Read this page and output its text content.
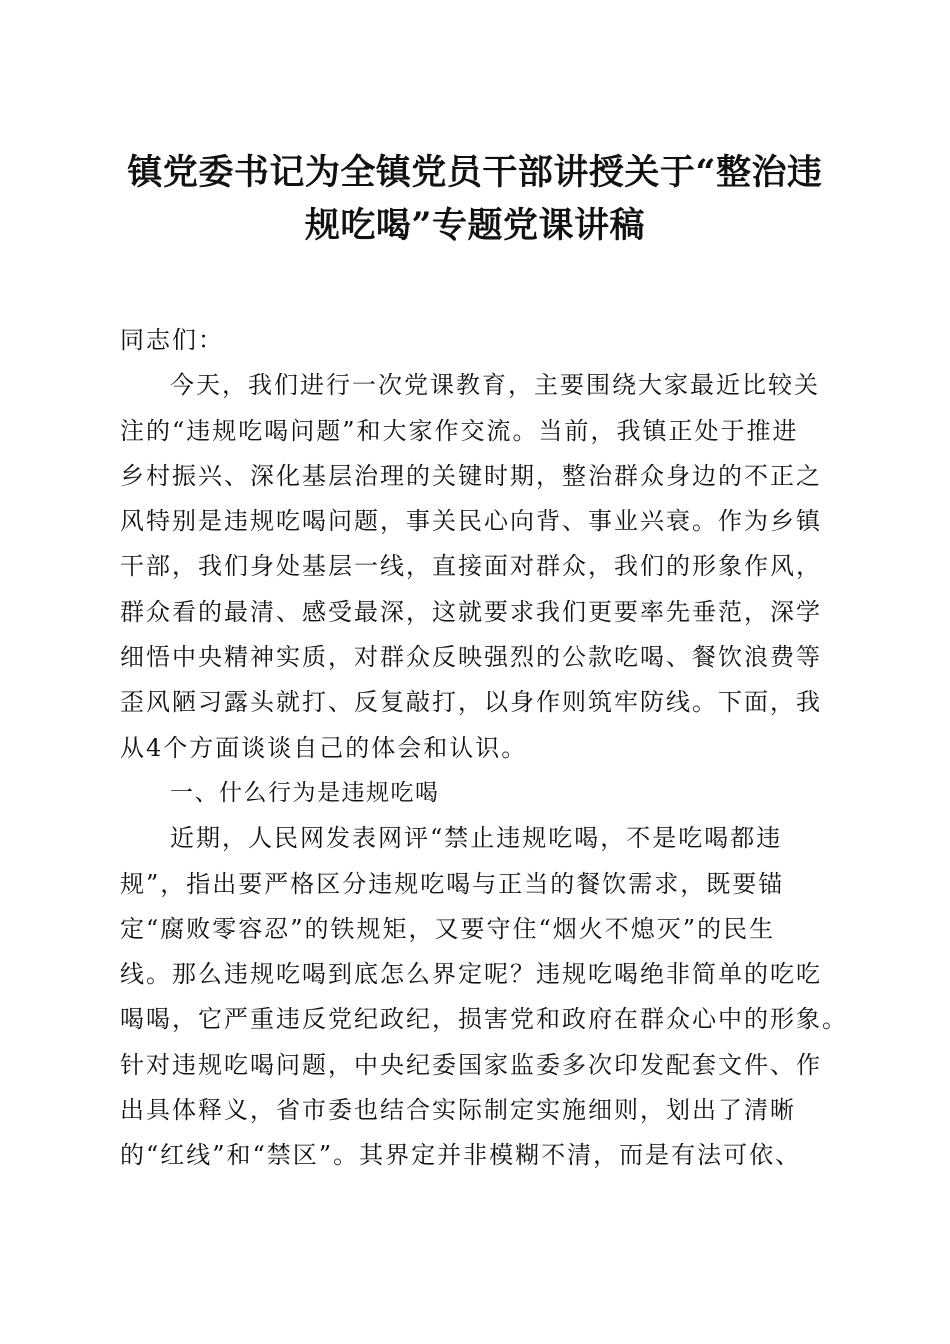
镇党委书记为全镇党员干部讲授关于“整治违
规吃喝”专题党课讲稿
同志们：
今天，我们进行一次党课教育，主要围绕大家最近比较关
注的“违规吃喝问题”和大家作交流。当前，我镇正处于推进
乡村振兴、深化基层治理的关键时期，整治群众身边的不正之
风特别是违规吃喝问题，事关民心向背、事业兴衰。作为乡镇
干部，我们身处基层一线，直接面对群众，我们的形象作风，
群众看的最清、感受最深，这就要求我们更要率先垂范，深学
细悟中央精神实质，对群众反映强烈的公款吃喝、餐饮浪费等
歪风陋习露头就打、反复敲打，以身作则筑牢防线。下面，我
从4个方面谈谈自己的体会和认识。
一、什么行为是违规吃喝
近期，人民网发表网评“禁止违规吃喝，不是吃喝都违
规”，指出要严格区分违规吃喝与正当的餐饮需求，既要锚
定“腐败零容忍”的铁规矩，又要守住“烟火不熄灭”的民生
线。那么违规吃喝到底怎么界定呢？违规吃喝绝非简单的吃吃
喝喝，它严重违反党纪政纪，损害党和政府在群众心中的形象。
针对违规吃喝问题，中央纪委国家监委多次印发配套文件、作
出具体释义，省市委也结合实际制定实施细则，划出了清晰
的“红线”和“禁区”。其界定并非模糊不清，而是有法可依、
